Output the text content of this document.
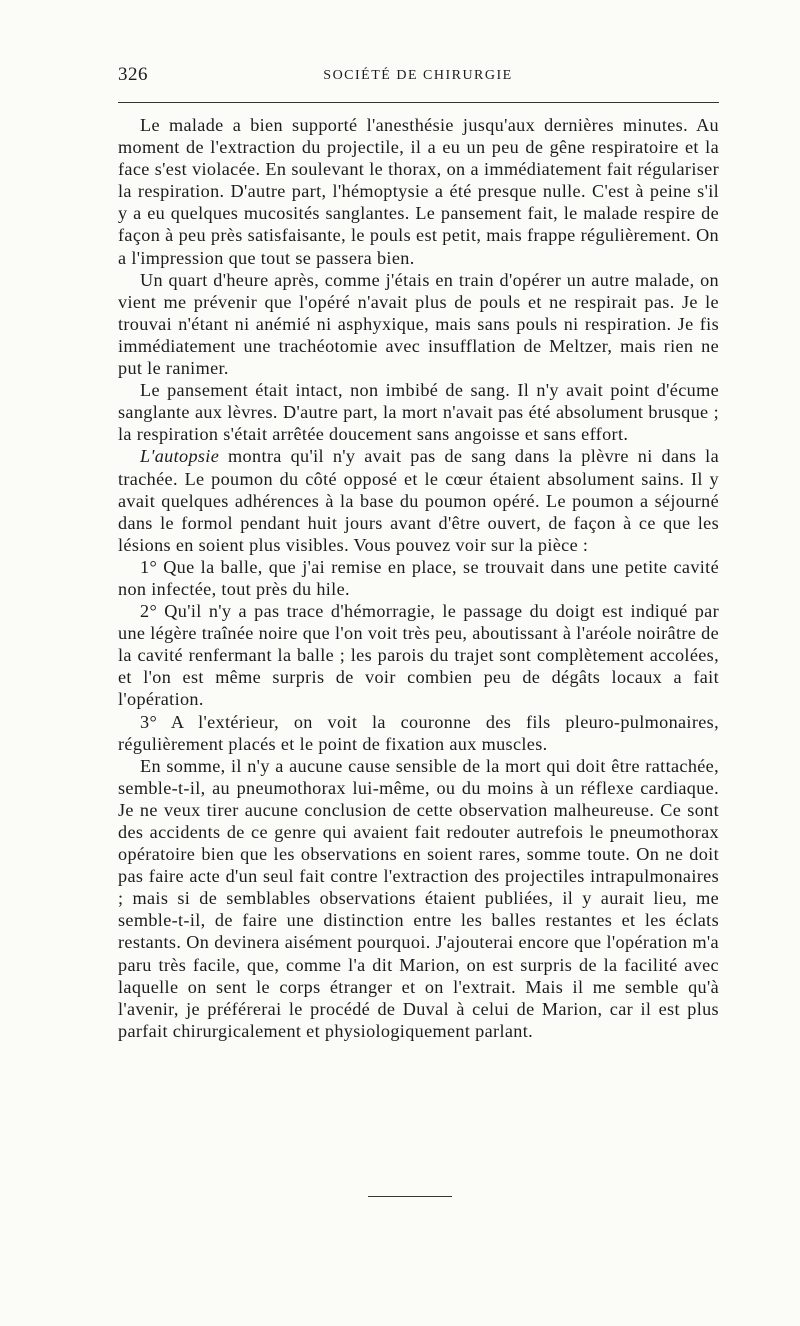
326	SOCIÉTÉ DE CHIRURGIE

Le malade a bien supporté l'anesthésie jusqu'aux dernières minutes. Au moment de l'extraction du projectile, il a eu un peu de gêne respiratoire et la face s'est violacée. En soulevant le thorax, on a immédiatement fait régulariser la respiration. D'autre part, l'hémoptysie a été presque nulle. C'est à peine s'il y a eu quelques mucosités sanglantes. Le pansement fait, le malade respire de façon à peu près satisfaisante, le pouls est petit, mais frappe régulièrement. On a l'impression que tout se passera bien.

Un quart d'heure après, comme j'étais en train d'opérer un autre malade, on vient me prévenir que l'opéré n'avait plus de pouls et ne respirait pas. Je le trouvai n'étant ni anémié ni asphyxique, mais sans pouls ni respiration. Je fis immédiatement une trachéotomie avec insufflation de Meltzer, mais rien ne put le ranimer.

Le pansement était intact, non imbibé de sang. Il n'y avait point d'écume sanglante aux lèvres. D'autre part, la mort n'avait pas été absolument brusque ; la respiration s'était arrêtée doucement sans angoisse et sans effort.

L'autopsie montra qu'il n'y avait pas de sang dans la plèvre ni dans la trachée. Le poumon du côté opposé et le cœur étaient absolument sains. Il y avait quelques adhérences à la base du poumon opéré. Le poumon a séjourné dans le formol pendant huit jours avant d'être ouvert, de façon à ce que les lésions en soient plus visibles. Vous pouvez voir sur la pièce :

1° Que la balle, que j'ai remise en place, se trouvait dans une petite cavité non infectée, tout près du hile.

2° Qu'il n'y a pas trace d'hémorragie, le passage du doigt est indiqué par une légère traînée noire que l'on voit très peu, aboutissant à l'aréole noirâtre de la cavité renfermant la balle ; les parois du trajet sont complètement accolées, et l'on est même surpris de voir combien peu de dégâts locaux a fait l'opération.

3° A l'extérieur, on voit la couronne des fils pleuro-pulmonaires, régulièrement placés et le point de fixation aux muscles.

En somme, il n'y a aucune cause sensible de la mort qui doit être rattachée, semble-t-il, au pneumothorax lui-même, ou du moins à un réflexe cardiaque. Je ne veux tirer aucune conclusion de cette observation malheureuse. Ce sont des accidents de ce genre qui avaient fait redouter autrefois le pneumothorax opératoire bien que les observations en soient rares, somme toute. On ne doit pas faire acte d'un seul fait contre l'extraction des projectiles intrapulmonaires ; mais si de semblables observations étaient publiées, il y aurait lieu, me semble-t-il, de faire une distinction entre les balles restantes et les éclats restants. On devinera aisément pourquoi. J'ajouterai encore que l'opération m'a paru très facile, que, comme l'a dit Marion, on est surpris de la facilité avec laquelle on sent le corps étranger et on l'extrait. Mais il me semble qu'à l'avenir, je préférerai le procédé de Duval à celui de Marion, car il est plus parfait chirurgicalement et physiologiquement parlant.
